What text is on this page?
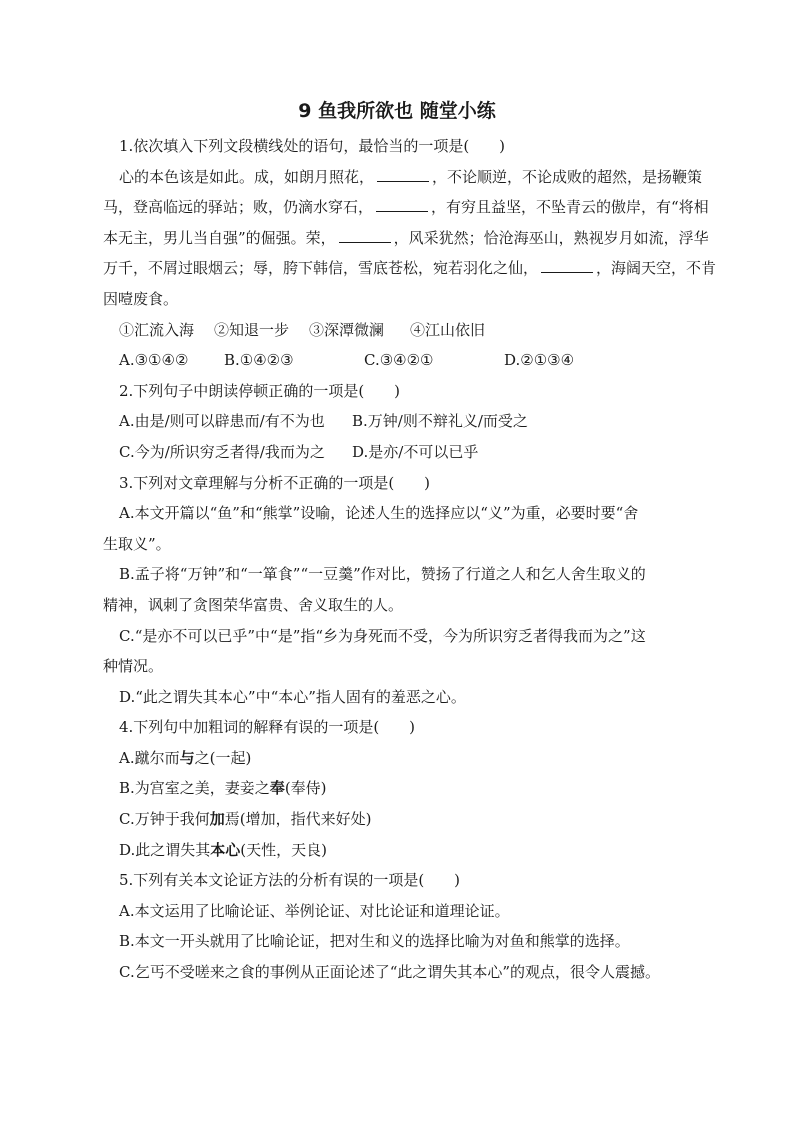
9 鱼我所欲也 随堂小练
1.依次填入下列文段横线处的语句，最恰当的一项是(　　)
心的本色该是如此。成，如朗月照花，	，不论顺逆，不论成败的超然，是扬鞭策
马，登高临远的驿站；败，仍滴水穿石，	，有穷且益坚，不坠青云的傲岸，有“将相
本无主，男儿当自强”的倔强。荣，	，风采犹然；恰沧海巫山，熟视岁月如流，浮华
万千，不屑过眼烟云；辱，胯下韩信，雪底苍松，宛若羽化之仙，	，海阔天空，不肯
因噎废食。
①汇流入海 ②知退一步 ③深潭微澜 ④江山依旧
A.③①④② B.①④②③	C.③④②①	D.②①③④
2.下列句子中朗读停顿正确的一项是(　　)
A.由是/则可以辟患而/有不为也 B.万钟/则不辩礼义/而受之
C.今为/所识穷乏者得/我而为之 D.是亦/不可以已乎
3.下列对文章理解与分析不正确的一项是(　　)
A.本文开篇以“鱼”和“熊掌”设喻，论述人生的选择应以“义”为重，必要时要“舍
生取义”。
B.孟子将“万钟”和“一箪食”“一豆羹”作对比，赞扬了行道之人和乞人舍生取义的
精神，讽刺了贪图荣华富贵、舍义取生的人。
C.“是亦不可以已乎”中“是”指“乡为身死而不受，今为所识穷乏者得我而为之”这
种情况。
D.“此之谓失其本心”中“本心”指人固有的羞恶之心。
4.下列句中加粗词的解释有误的一项是(　　)
A.蹴尔而与之(一起)
B.为宫室之美，妻妾之奉(奉侍)
C.万钟于我何加焉(增加，指代来好处)
D.此之谓失其本心(天性，天良)
5.下列有关本文论证方法的分析有误的一项是(　　)
A.本文运用了比喻论证、举例论证、对比论证和道理论证。
B.本文一开头就用了比喻论证，把对生和义的选择比喻为对鱼和熊掌的选择。
C.乞丐不受嗟来之食的事例从正面论述了“此之谓失其本心”的观点，很令人震撼。
